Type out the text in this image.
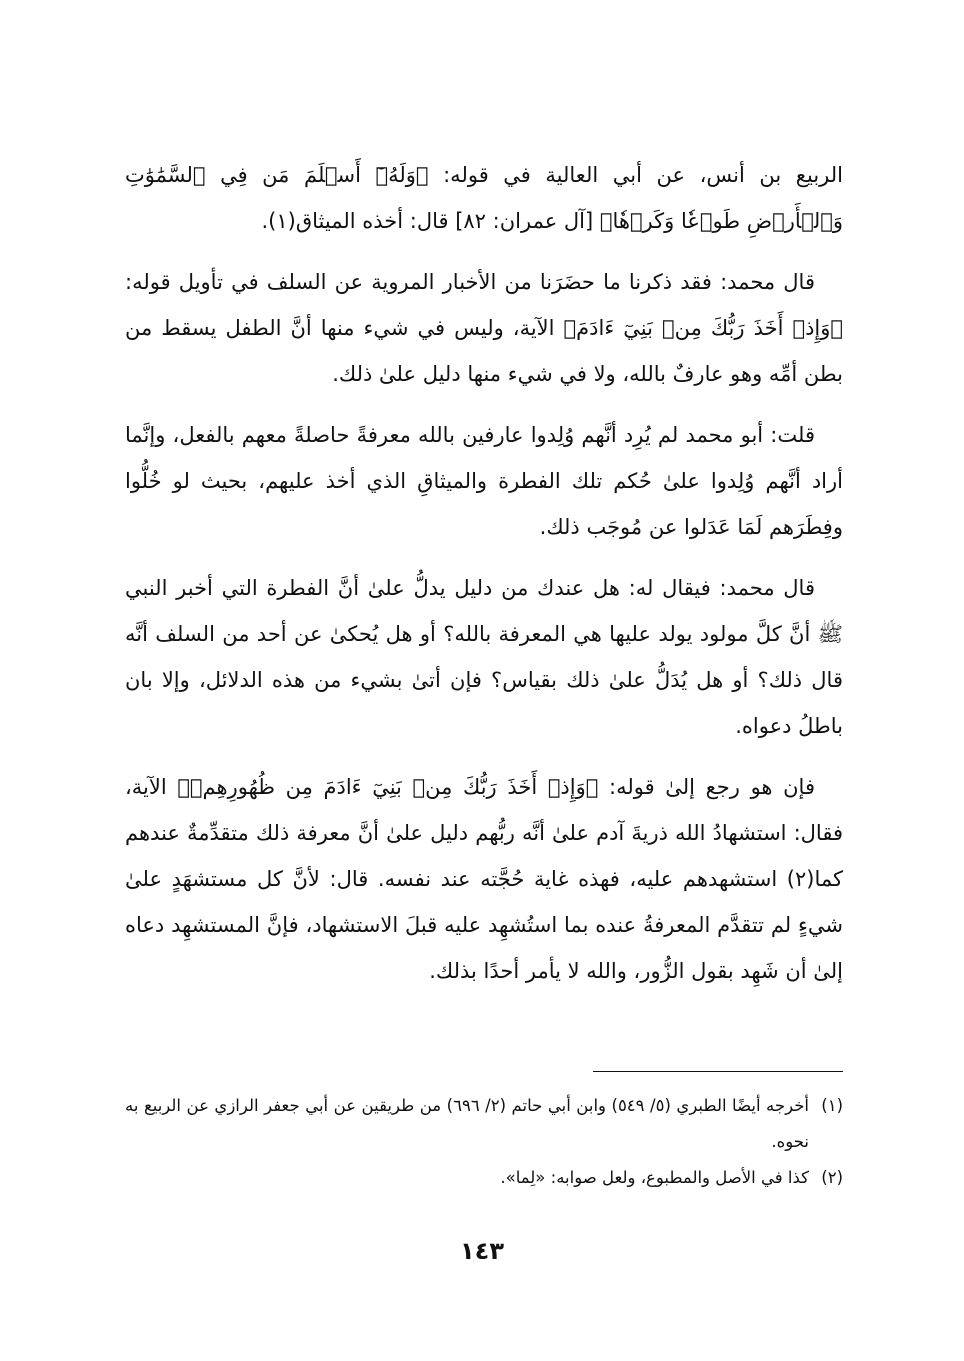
الربيع بن أنس، عن أبي العالية في قوله: ﴿وَلَهُۥٓ أَسۡلَمَ مَن فِي ٱلسَّمَٰوَٰتِ وَٱلۡأَرۡضِ طَوۡعٗا وَكَرۡهٗا﴾ [آل عمران: ٨٢] قال: أخذه الميثاق(١).

قال محمد: فقد ذكرنا ما حضَرَنا من الأخبار المروية عن السلف في تأويل قوله: ﴿وَإِذۡ أَخَذَ رَبُّكَ مِنۢ بَنِيٓ ءَادَمَ﴾ الآية، وليس في شيء منها أنَّ الطفل يسقط من بطن أمِّه وهو عارفٌ بالله، ولا في شيء منها دليل علىٰ ذلك.

قلت: أبو محمد لم يُرِد أنَّهم وُلِدوا عارفين بالله معرفةً حاصلةً معهم بالفعل، وإنَّما أراد أنَّهم وُلِدوا علىٰ حُكم تلك الفطرة والميثاقِ الذي أخذ عليهم، بحيث لو خُلُّوا وفِطَرَهم لَمَا عَدَلوا عن مُوجَب ذلك.

قال محمد: فيقال له: هل عندك من دليل يدلُّ علىٰ أنَّ الفطرة التي أخبر النبي ﷺ أنَّ كلَّ مولود يولد عليها هي المعرفة بالله؟ أو هل يُحكىٰ عن أحد من السلف أنَّه قال ذلك؟ أو هل يُدَلُّ علىٰ ذلك بقياس؟ فإن أتىٰ بشيء من هذه الدلائل، وإلا بان باطلُ دعواه.

فإن هو رجع إلىٰ قوله: ﴿وَإِذۡ أَخَذَ رَبُّكَ مِنۢ بَنِيٓ ءَادَمَ مِن ظُهُورِهِمۡ﴾ الآية، فقال: استشهادُ الله ذريةَ آدم علىٰ أنَّه ربُّهم دليل علىٰ أنَّ معرفة ذلك متقدِّمةٌ عندهم كما(٢) استشهدهم عليه، فهذه غاية حُجَّته عند نفسه. قال: لأنَّ كل مستشهَدٍ علىٰ شيءٍ لم تتقدَّم المعرفةُ عنده بما استُشهِد عليه قبلَ الاستشهاد، فإنَّ المستشهِد دعاه إلىٰ أن شَهِد بقول الزُّور، والله لا يأمر أحدًا بذلك.

(١)
أخرجه أيضًا الطبري (٥/ ٥٤٩) وابن أبي حاتم (٢/ ٦٩٦) من طريقين عن أبي جعفر الرازي عن الربيع به نحوه.

(٢)
كذا في الأصل والمطبوع، ولعل صوابه: «لِما».

١٤٣
